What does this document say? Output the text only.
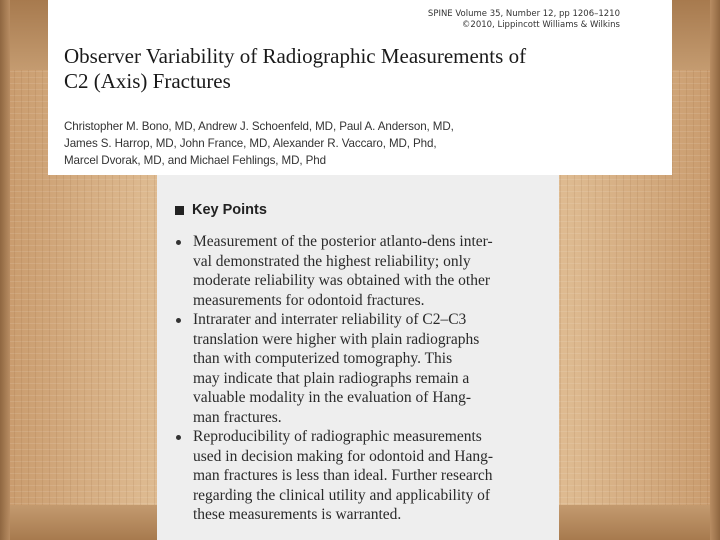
SPINE Volume 35, Number 12, pp 1206–1210
©2010, Lippincott Williams & Wilkins
Observer Variability of Radiographic Measurements of
C2 (Axis) Fractures
Christopher M. Bono, MD, Andrew J. Schoenfeld, MD, Paul A. Anderson, MD,
James S. Harrop, MD, John France, MD, Alexander R. Vaccaro, MD, Phd,
Marcel Dvorak, MD, and Michael Fehlings, MD, Phd
Key Points
Measurement of the posterior atlanto-dens inter-
val demonstrated the highest reliability; only
moderate reliability was obtained with the other
measurements for odontoid fractures.
Intrarater and interrater reliability of C2–C3
translation were higher with plain radiographs
than with computerized tomography. This
may indicate that plain radiographs remain a
valuable modality in the evaluation of Hang-
man fractures.
Reproducibility of radiographic measurements
used in decision making for odontoid and Hang-
man fractures is less than ideal. Further research
regarding the clinical utility and applicability of
these measurements is warranted.
